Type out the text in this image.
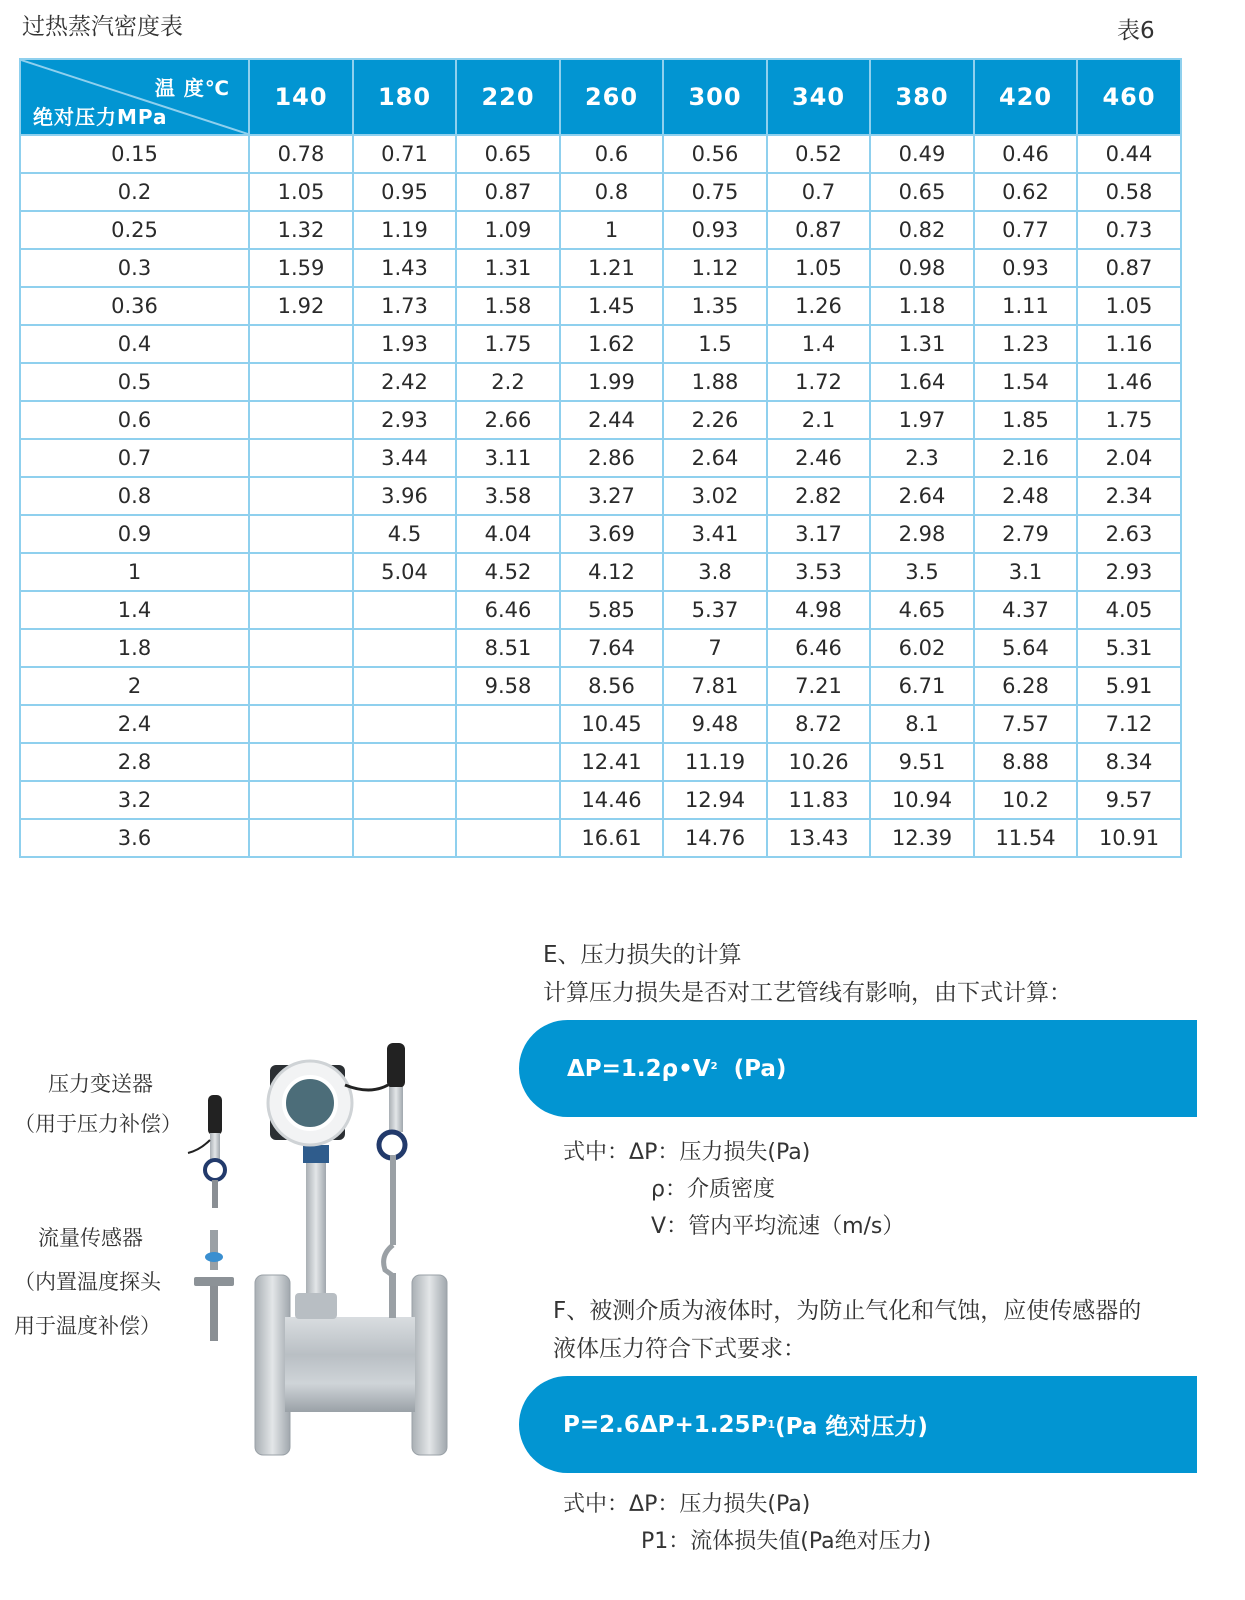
过热蒸汽密度表	表6
温 度℃
绝对压力MPa	140	180	220	260	300	340	380	420	460
0.15	0.78	0.71	0.65	0.6	0.56	0.52	0.49	0.46	0.44
0.2	1.05	0.95	0.87	0.8	0.75	0.7	0.65	0.62	0.58
0.25	1.32	1.19	1.09	1	0.93	0.87	0.82	0.77	0.73
0.3	1.59	1.43	1.31	1.21	1.12	1.05	0.98	0.93	0.87
0.36	1.92	1.73	1.58	1.45	1.35	1.26	1.18	1.11	1.05
0.4		1.93	1.75	1.62	1.5	1.4	1.31	1.23	1.16
0.5		2.42	2.2	1.99	1.88	1.72	1.64	1.54	1.46
0.6		2.93	2.66	2.44	2.26	2.1	1.97	1.85	1.75
0.7		3.44	3.11	2.86	2.64	2.46	2.3	2.16	2.04
0.8		3.96	3.58	3.27	3.02	2.82	2.64	2.48	2.34
0.9		4.5	4.04	3.69	3.41	3.17	2.98	2.79	2.63
1		5.04	4.52	4.12	3.8	3.53	3.5	3.1	2.93
1.4			6.46	5.85	5.37	4.98	4.65	4.37	4.05
1.8			8.51	7.64	7	6.46	6.02	5.64	5.31
2			9.58	8.56	7.81	7.21	6.71	6.28	5.91
2.4				10.45	9.48	8.72	8.1	7.57	7.12
2.8				12.41	11.19	10.26	9.51	8.88	8.34
3.2				14.46	12.94	11.83	10.94	10.2	9.57
3.6				16.61	14.76	13.43	12.39	11.54	10.91
压力变送器
（用于压力补偿）
流量传感器
（内置温度探头
用于温度补偿）
E、压力损失的计算
计算压力损失是否对工艺管线有影响，由下式计算：
$\Delta P=1.2\rho•V^2$ (Pa)
式中： ΔP ： 压力损失(Pa)
ρ ： 介质密度
V ： 管内平均流速（m/s）
F、被测介质为液体时，为防止气化和气蚀，应使传感器的
液体压力符合下式要求：
P=2.6ΔP+1.25P 1 (Pa 绝对压力)
式中： ΔP ： 压力损失(Pa)
P1 ： 流体损失值(Pa绝对压力)
